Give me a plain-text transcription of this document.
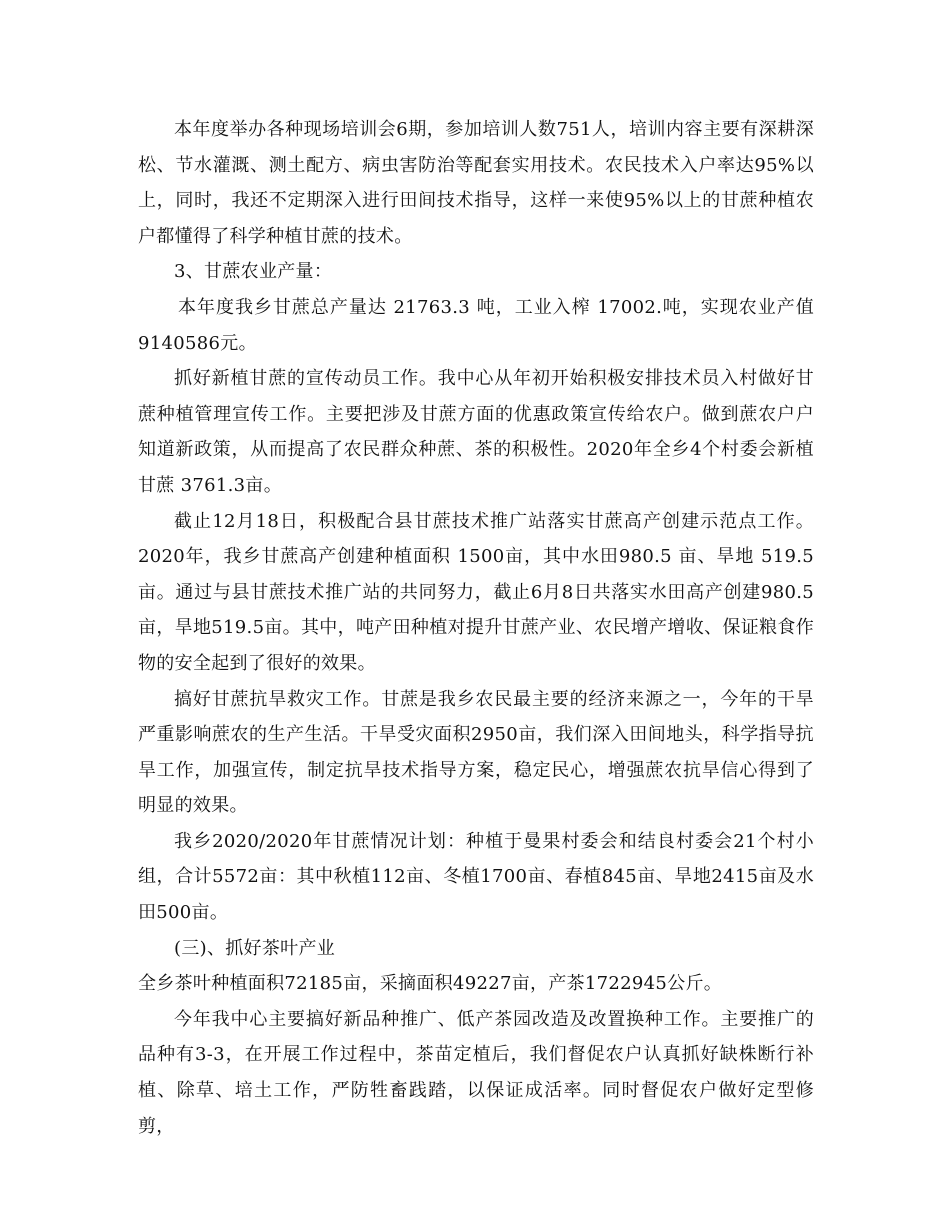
本年度举办各种现场培训会6期，参加培训人数751人，培训内容主要有深耕深松、节水灌溉、测土配方、病虫害防治等配套实用技术。农民技术入户率达95%以上，同时，我还不定期深入进行田间技术指导，这样一来使95%以上的甘蔗种植农户都懂得了科学种植甘蔗的技术。

3、甘蔗农业产量：

本年度我乡甘蔗总产量达 21763.3 吨，工业入榨 17002.吨，实现农业产值9140586元。

抓好新植甘蔗的宣传动员工作。我中心从年初开始积极安排技术员入村做好甘蔗种植管理宣传工作。主要把涉及甘蔗方面的优惠政策宣传给农户。做到蔗农户户知道新政策，从而提高了农民群众种蔗、茶的积极性。2020年全乡4个村委会新植甘蔗 3761.3亩。

截止12月18日，积极配合县甘蔗技术推广站落实甘蔗高产创建示范点工作。2020年，我乡甘蔗高产创建种植面积 1500亩，其中水田980.5 亩、旱地 519.5亩。通过与县甘蔗技术推广站的共同努力，截止6月8日共落实水田高产创建980.5亩，旱地519.5亩。其中，吨产田种植对提升甘蔗产业、农民增产增收、保证粮食作物的安全起到了很好的效果。

搞好甘蔗抗旱救灾工作。甘蔗是我乡农民最主要的经济来源之一，今年的干旱严重影响蔗农的生产生活。干旱受灾面积2950亩，我们深入田间地头，科学指导抗旱工作，加强宣传，制定抗旱技术指导方案，稳定民心，增强蔗农抗旱信心得到了明显的效果。

我乡2020/2020年甘蔗情况计划：种植于曼果村委会和结良村委会21个村小组，合计5572亩：其中秋植112亩、冬植1700亩、春植845亩、旱地2415亩及水田500亩。

(三)、抓好茶叶产业

全乡茶叶种植面积72185亩，采摘面积49227亩，产茶1722945公斤。

今年我中心主要搞好新品种推广、低产茶园改造及改置换种工作。主要推广的品种有3-3，在开展工作过程中，茶苗定植后，我们督促农户认真抓好缺株断行补植、除草、培土工作，严防牲畜践踏，以保证成活率。同时督促农户做好定型修剪，
